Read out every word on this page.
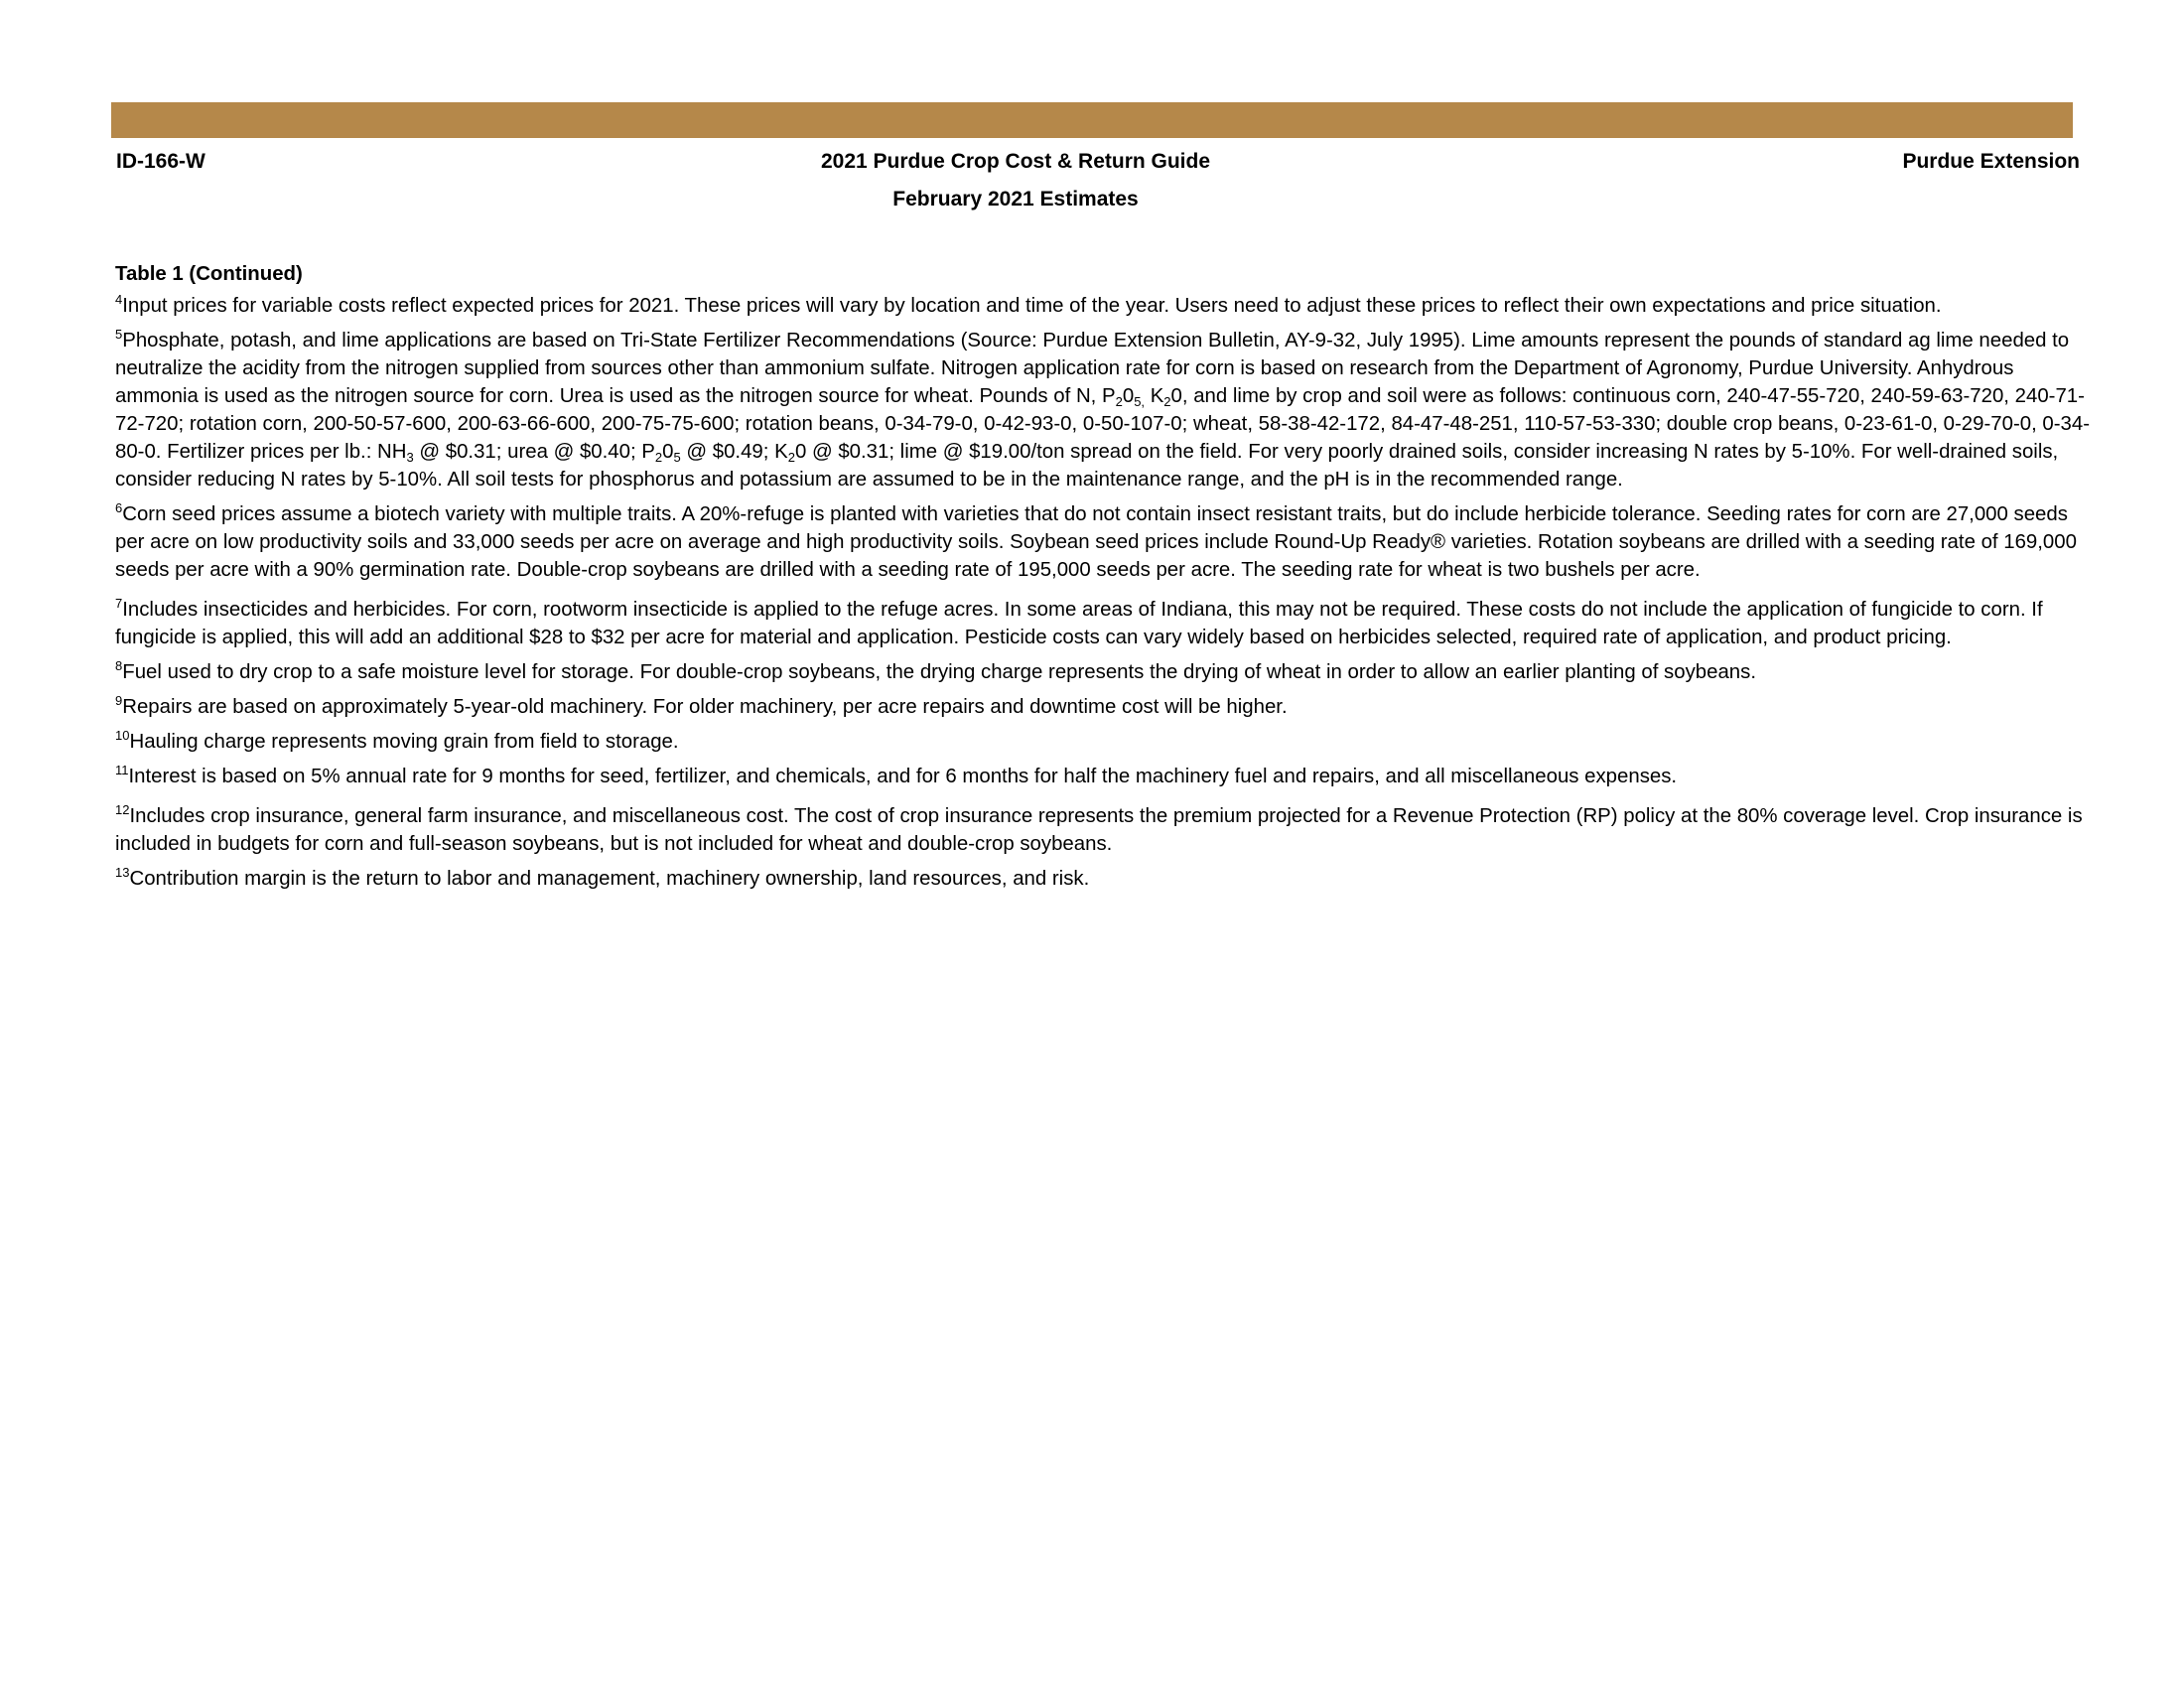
ID-166-W	2021 Purdue Crop Cost & Return Guide
February 2021 Estimates
Purdue Extension
Table 1 (Continued)

$^4$Input prices for variable costs reflect expected prices for 2021. These prices will vary by location and time of the year. Users need to adjust these prices to reflect their own expectations and price situation.

$^5$Phosphate, potash, and lime applications are based on Tri-State Fertilizer Recommendations (Source: Purdue Extension Bulletin, AY-9-32, July 1995). Lime amounts represent the pounds of standard ag lime needed to neutralize the acidity from the nitrogen supplied from sources other than ammonium sulfate. Nitrogen application rate for corn is based on research from the Department of Agronomy, Purdue University. Anhydrous ammonia is used as the nitrogen source for corn. Urea is used as the nitrogen source for wheat. Pounds of N, $P_20_{5,}$ $K_20$, and lime by crop and soil were as follows: continuous corn, 240-47-55-720, 240-59-63-720, 240-71-72-720; rotation corn, 200-50-57-600, 200-63-66-600, 200-75-75-600; rotation beans, 0-34-79-0, 0-42-93-0, 0-50-107-0; wheat, 58-38-42-172, 84-47-48-251, 110-57-53-330; double crop beans, 0-23-61-0, 0-29-70-0, 0-34-80-0. Fertilizer prices per lb.: $NH_3$ @ $0.31; urea @ $0.40; $P_20_5$ @ $0.49; $K_20$ @ $0.31; lime @ $19.00/ton spread on the field. For very poorly drained soils, consider increasing N rates by 5-10%. For well-drained soils, consider reducing N rates by 5-10%. All soil tests for phosphorus and potassium are assumed to be in the maintenance range, and the pH is in the recommended range.

$^6$Corn seed prices assume a biotech variety with multiple traits. A 20%-refuge is planted with varieties that do not contain insect resistant traits, but do include herbicide tolerance. Seeding rates for corn are 27,000 seeds per acre on low productivity soils and 33,000 seeds per acre on average and high productivity soils. Soybean seed prices include Round-Up Ready® varieties. Rotation soybeans are drilled with a seeding rate of 169,000 seeds per acre with a 90% germination rate. Double-crop soybeans are drilled with a seeding rate of 195,000 seeds per acre. The seeding rate for wheat is two bushels per acre.

$^7$Includes insecticides and herbicides. For corn, rootworm insecticide is applied to the refuge acres. In some areas of Indiana, this may not be required. These costs do not include the application of fungicide to corn. If fungicide is applied, this will add an additional $28 to $32 per acre for material and application. Pesticide costs can vary widely based on herbicides selected, required rate of application, and product pricing.

$^8$Fuel used to dry crop to a safe moisture level for storage. For double-crop soybeans, the drying charge represents the drying of wheat in order to allow an earlier planting of soybeans.

$^9$Repairs are based on approximately 5-year-old machinery. For older machinery, per acre repairs and downtime cost will be higher.

$^{10}$Hauling charge represents moving grain from field to storage.

$^{11}$Interest is based on 5% annual rate for 9 months for seed, fertilizer, and chemicals, and for 6 months for half the machinery fuel and repairs, and all miscellaneous expenses.

$^{12}$Includes crop insurance, general farm insurance, and miscellaneous cost. The cost of crop insurance represents the premium projected for a Revenue Protection (RP) policy at the 80% coverage level. Crop insurance is included in budgets for corn and full-season soybeans, but is not included for wheat and double-crop soybeans.

$^{13}$Contribution margin is the return to labor and management, machinery ownership, land resources, and risk.
